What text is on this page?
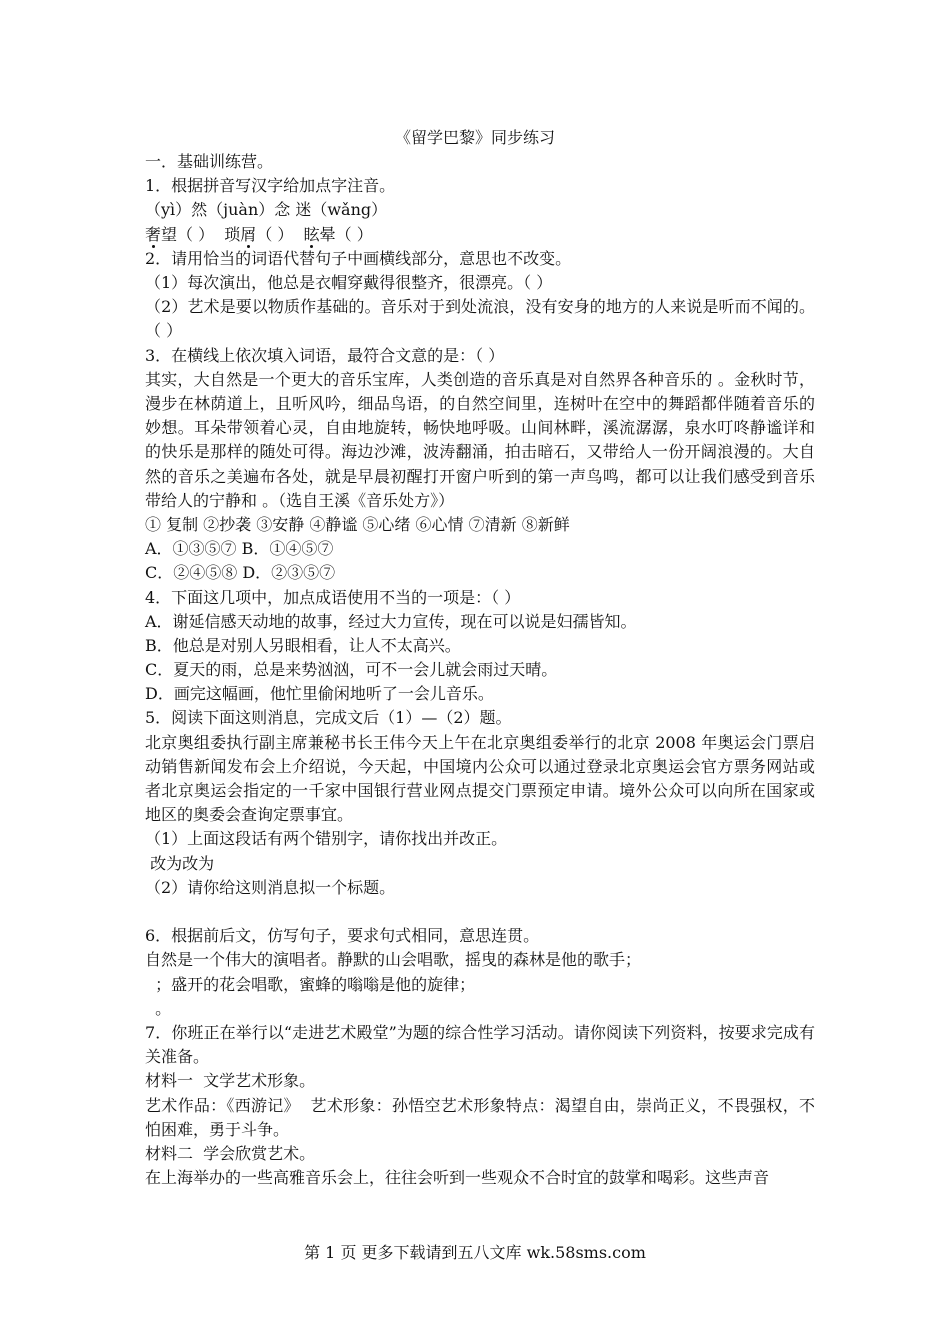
《留学巴黎》同步练习
一．基础训练营。
1．根据拼音写汉字给加点字注音。
（yì）然（juàn）念 迷（wǎng）
奢望（ ）  琐屑（ ） 眩晕（ ）
2．请用恰当的词语代替句子中画横线部分，意思也不改变。
（1）每次演出，他总是衣帽穿戴得很整齐，很漂亮。（ ）
（2）艺术是要以物质作基础的。音乐对于到处流浪，没有安身的地方的人来说是听而不闻的。（ ）
3．在横线上依次填入词语，最符合文意的是：（ ）
其实，大自然是一个更大的音乐宝库，人类创造的音乐真是对自然界各种音乐的 。金秋时节，漫步在林荫道上，且听风吟，细品鸟语，的自然空间里，连树叶在空中的舞蹈都伴随着音乐的妙想。耳朵带领着心灵，自由地旋转，畅快地呼吸。山间林畔，溪流潺潺，泉水叮咚静谧详和的快乐是那样的随处可得。海边沙滩，波涛翻涌，拍击暗石，又带给人一份开阔浪漫的。大自然的音乐之美遍布各处，就是早晨初醒打开窗户听到的第一声鸟鸣，都可以让我们感受到音乐带给人的宁静和 。（选自王溪《音乐处方》）
① 复制 ②抄袭 ③安静 ④静谧 ⑤心绪 ⑥心情 ⑦清新 ⑧新鲜
A．①③⑤⑦ B．①④⑤⑦
C．②④⑤⑧ D．②③⑤⑦
4．下面这几项中，加点成语使用不当的一项是：（ ）
A．谢延信感天动地的故事，经过大力宣传，现在可以说是妇孺皆知。
B．他总是对别人另眼相看，让人不太高兴。
C．夏天的雨，总是来势汹汹，可不一会儿就会雨过天晴。
D．画完这幅画，他忙里偷闲地听了一会儿音乐。
5．阅读下面这则消息，完成文后（1）—（2）题。
北京奥组委执行副主席兼秘书长王伟今天上午在北京奥组委举行的北京 2008 年奥运会门票启动销售新闻发布会上介绍说，今天起，中国境内公众可以通过登录北京奥运会官方票务网站或者北京奥运会指定的一千家中国银行营业网点提交门票预定申请。境外公众可以向所在国家或地区的奥委会查询定票事宜。
（1）上面这段话有两个错别字，请你找出并改正。
改为改为
（2）请你给这则消息拟一个标题。
6．根据前后文，仿写句子，要求句式相同，意思连贯。
自然是一个伟大的演唱者。静默的山会唱歌，摇曳的森林是他的歌手；
；盛开的花会唱歌，蜜蜂的嗡嗡是他的旋律；
。
7．你班正在举行以“走进艺术殿堂”为题的综合性学习活动。请你阅读下列资料，按要求完成有关准备。
材料一  文学艺术形象。
艺术作品：《西游记》  艺术形象：孙悟空艺术形象特点：渴望自由，崇尚正义，不畏强权，不怕困难，勇于斗争。
材料二  学会欣赏艺术。
在上海举办的一些高雅音乐会上，往往会听到一些观众不合时宜的鼓掌和喝彩。这些声音
第 1 页 更多下载请到五八文库 wk.58sms.com
